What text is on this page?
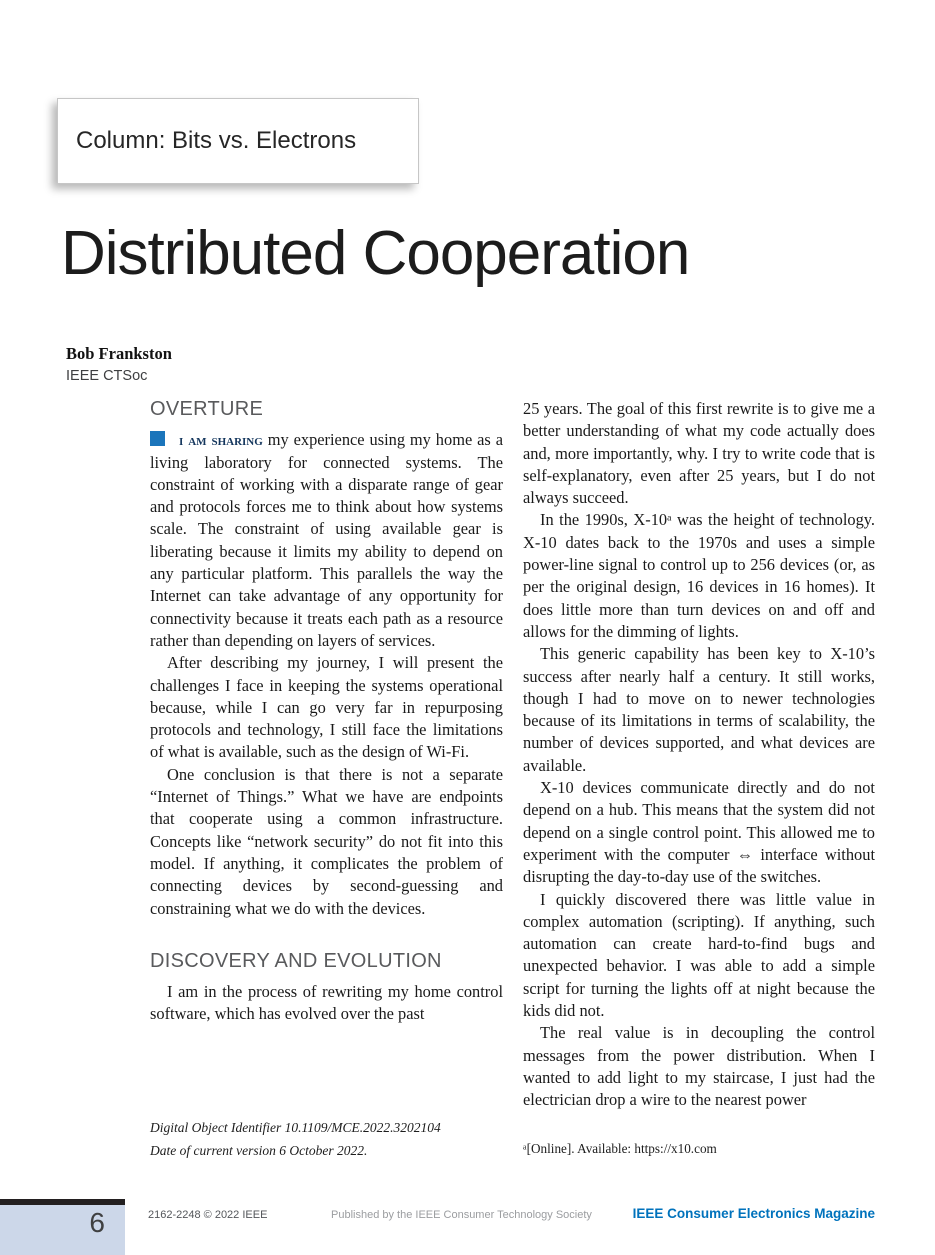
Column: Bits vs. Electrons
Distributed Cooperation
Bob Frankston
IEEE CTSoc
OVERTURE

i am sharing my experience using my home as a living laboratory for connected systems. The constraint of working with a disparate range of gear and protocols forces me to think about how systems scale. The constraint of using available gear is liberating because it limits my ability to depend on any particular platform. This parallels the way the Internet can take advantage of any opportunity for connectivity because it treats each path as a resource rather than depending on layers of services.

After describing my journey, I will present the challenges I face in keeping the systems operational because, while I can go very far in repurposing protocols and technology, I still face the limitations of what is available, such as the design of Wi-Fi.

One conclusion is that there is not a separate “Internet of Things.” What we have are endpoints that cooperate using a common infrastructure. Concepts like “network security” do not fit into this model. If anything, it complicates the problem of connecting devices by second-guessing and constraining what we do with the devices.

DISCOVERY AND EVOLUTION

I am in the process of rewriting my home control software, which has evolved over the past

25 years. The goal of this first rewrite is to give me a better understanding of what my code actually does and, more importantly, why. I try to write code that is self-explanatory, even after 25 years, but I do not always succeed.

In the 1990s, X-10ᵃ was the height of technology. X-10 dates back to the 1970s and uses a simple power-line signal to control up to 256 devices (or, as per the original design, 16 devices in 16 homes). It does little more than turn devices on and off and allows for the dimming of lights.

This generic capability has been key to X-10’s success after nearly half a century. It still works, though I had to move on to newer technologies because of its limitations in terms of scalability, the number of devices supported, and what devices are available.

X-10 devices communicate directly and do not depend on a hub. This means that the system did not depend on a single control point. This allowed me to experiment with the computer ⇔ interface without disrupting the day-to-day use of the switches.

I quickly discovered there was little value in complex automation (scripting). If anything, such automation can create hard-to-find bugs and unexpected behavior. I was able to add a simple script for turning the lights off at night because the kids did not.

The real value is in decoupling the control messages from the power distribution. When I wanted to add light to my staircase, I just had the electrician drop a wire to the nearest power

Digital Object Identifier 10.1109/MCE.2022.3202104
Date of current version 6 October 2022.	ᵃ[Online]. Available: https://x10.com
6	2162-2248 © 2022 IEEE	Published by the IEEE Consumer Technology Society	IEEE Consumer Electronics Magazine
